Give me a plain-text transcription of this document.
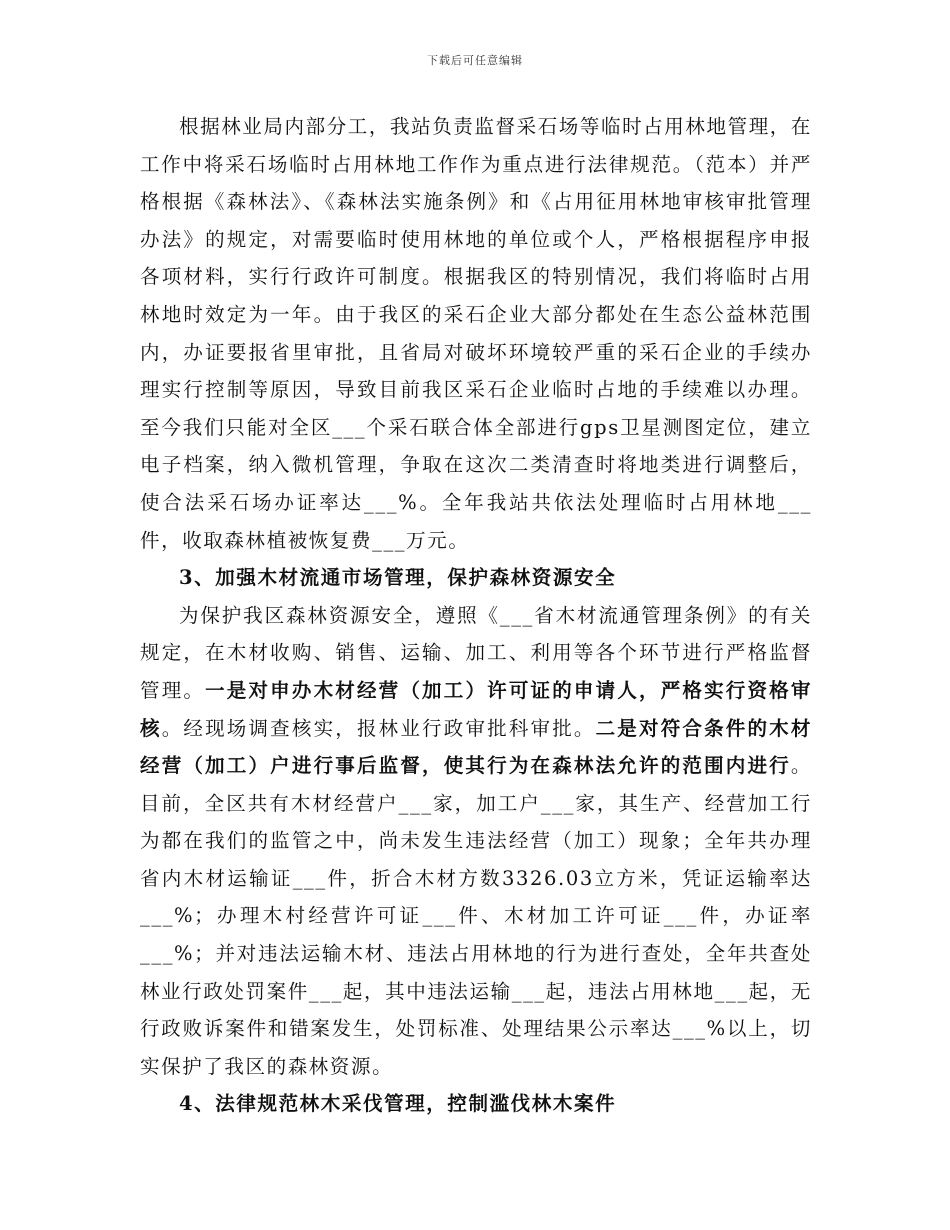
下载后可任意编辑

根据林业局内部分工，我站负责监督采石场等临时占用林地管理，在工作中将采石场临时占用林地工作作为重点进行法律规范。（范本）并严格根据《森林法》、《森林法实施条例》和《占用征用林地审核审批管理办法》的规定，对需要临时使用林地的单位或个人，严格根据程序申报各项材料，实行行政许可制度。根据我区的特别情况，我们将临时占用林地时效定为一年。由于我区的采石企业大部分都处在生态公益林范围内，办证要报省里审批，且省局对破坏环境较严重的采石企业的手续办理实行控制等原因，导致目前我区采石企业临时占地的手续难以办理。至今我们只能对全区___个采石联合体全部进行gps卫星测图定位，建立电子档案，纳入微机管理，争取在这次二类清查时将地类进行调整后，使合法采石场办证率达___%。全年我站共依法处理临时占用林地___件，收取森林植被恢复费___万元。

3、加强木材流通市场管理，保护森林资源安全

为保护我区森林资源安全，遵照《___省木材流通管理条例》的有关规定，在木材收购、销售、运输、加工、利用等各个环节进行严格监督管理。一是对申办木材经营（加工）许可证的申请人，严格实行资格审核。经现场调查核实，报林业行政审批科审批。二是对符合条件的木材经营（加工）户进行事后监督，使其行为在森林法允许的范围内进行。目前，全区共有木材经营户___家，加工户___家，其生产、经营加工行为都在我们的监管之中，尚未发生违法经营（加工）现象；全年共办理省内木材运输证___件，折合木材方数3326.03立方米，凭证运输率达___%；办理木村经营许可证___件、木材加工许可证___件，办证率___%；并对违法运输木材、违法占用林地的行为进行查处，全年共查处林业行政处罚案件___起，其中违法运输___起，违法占用林地___起，无行政败诉案件和错案发生，处罚标准、处理结果公示率达___%以上，切实保护了我区的森林资源。

4、法律规范林木采伐管理，控制滥伐林木案件
